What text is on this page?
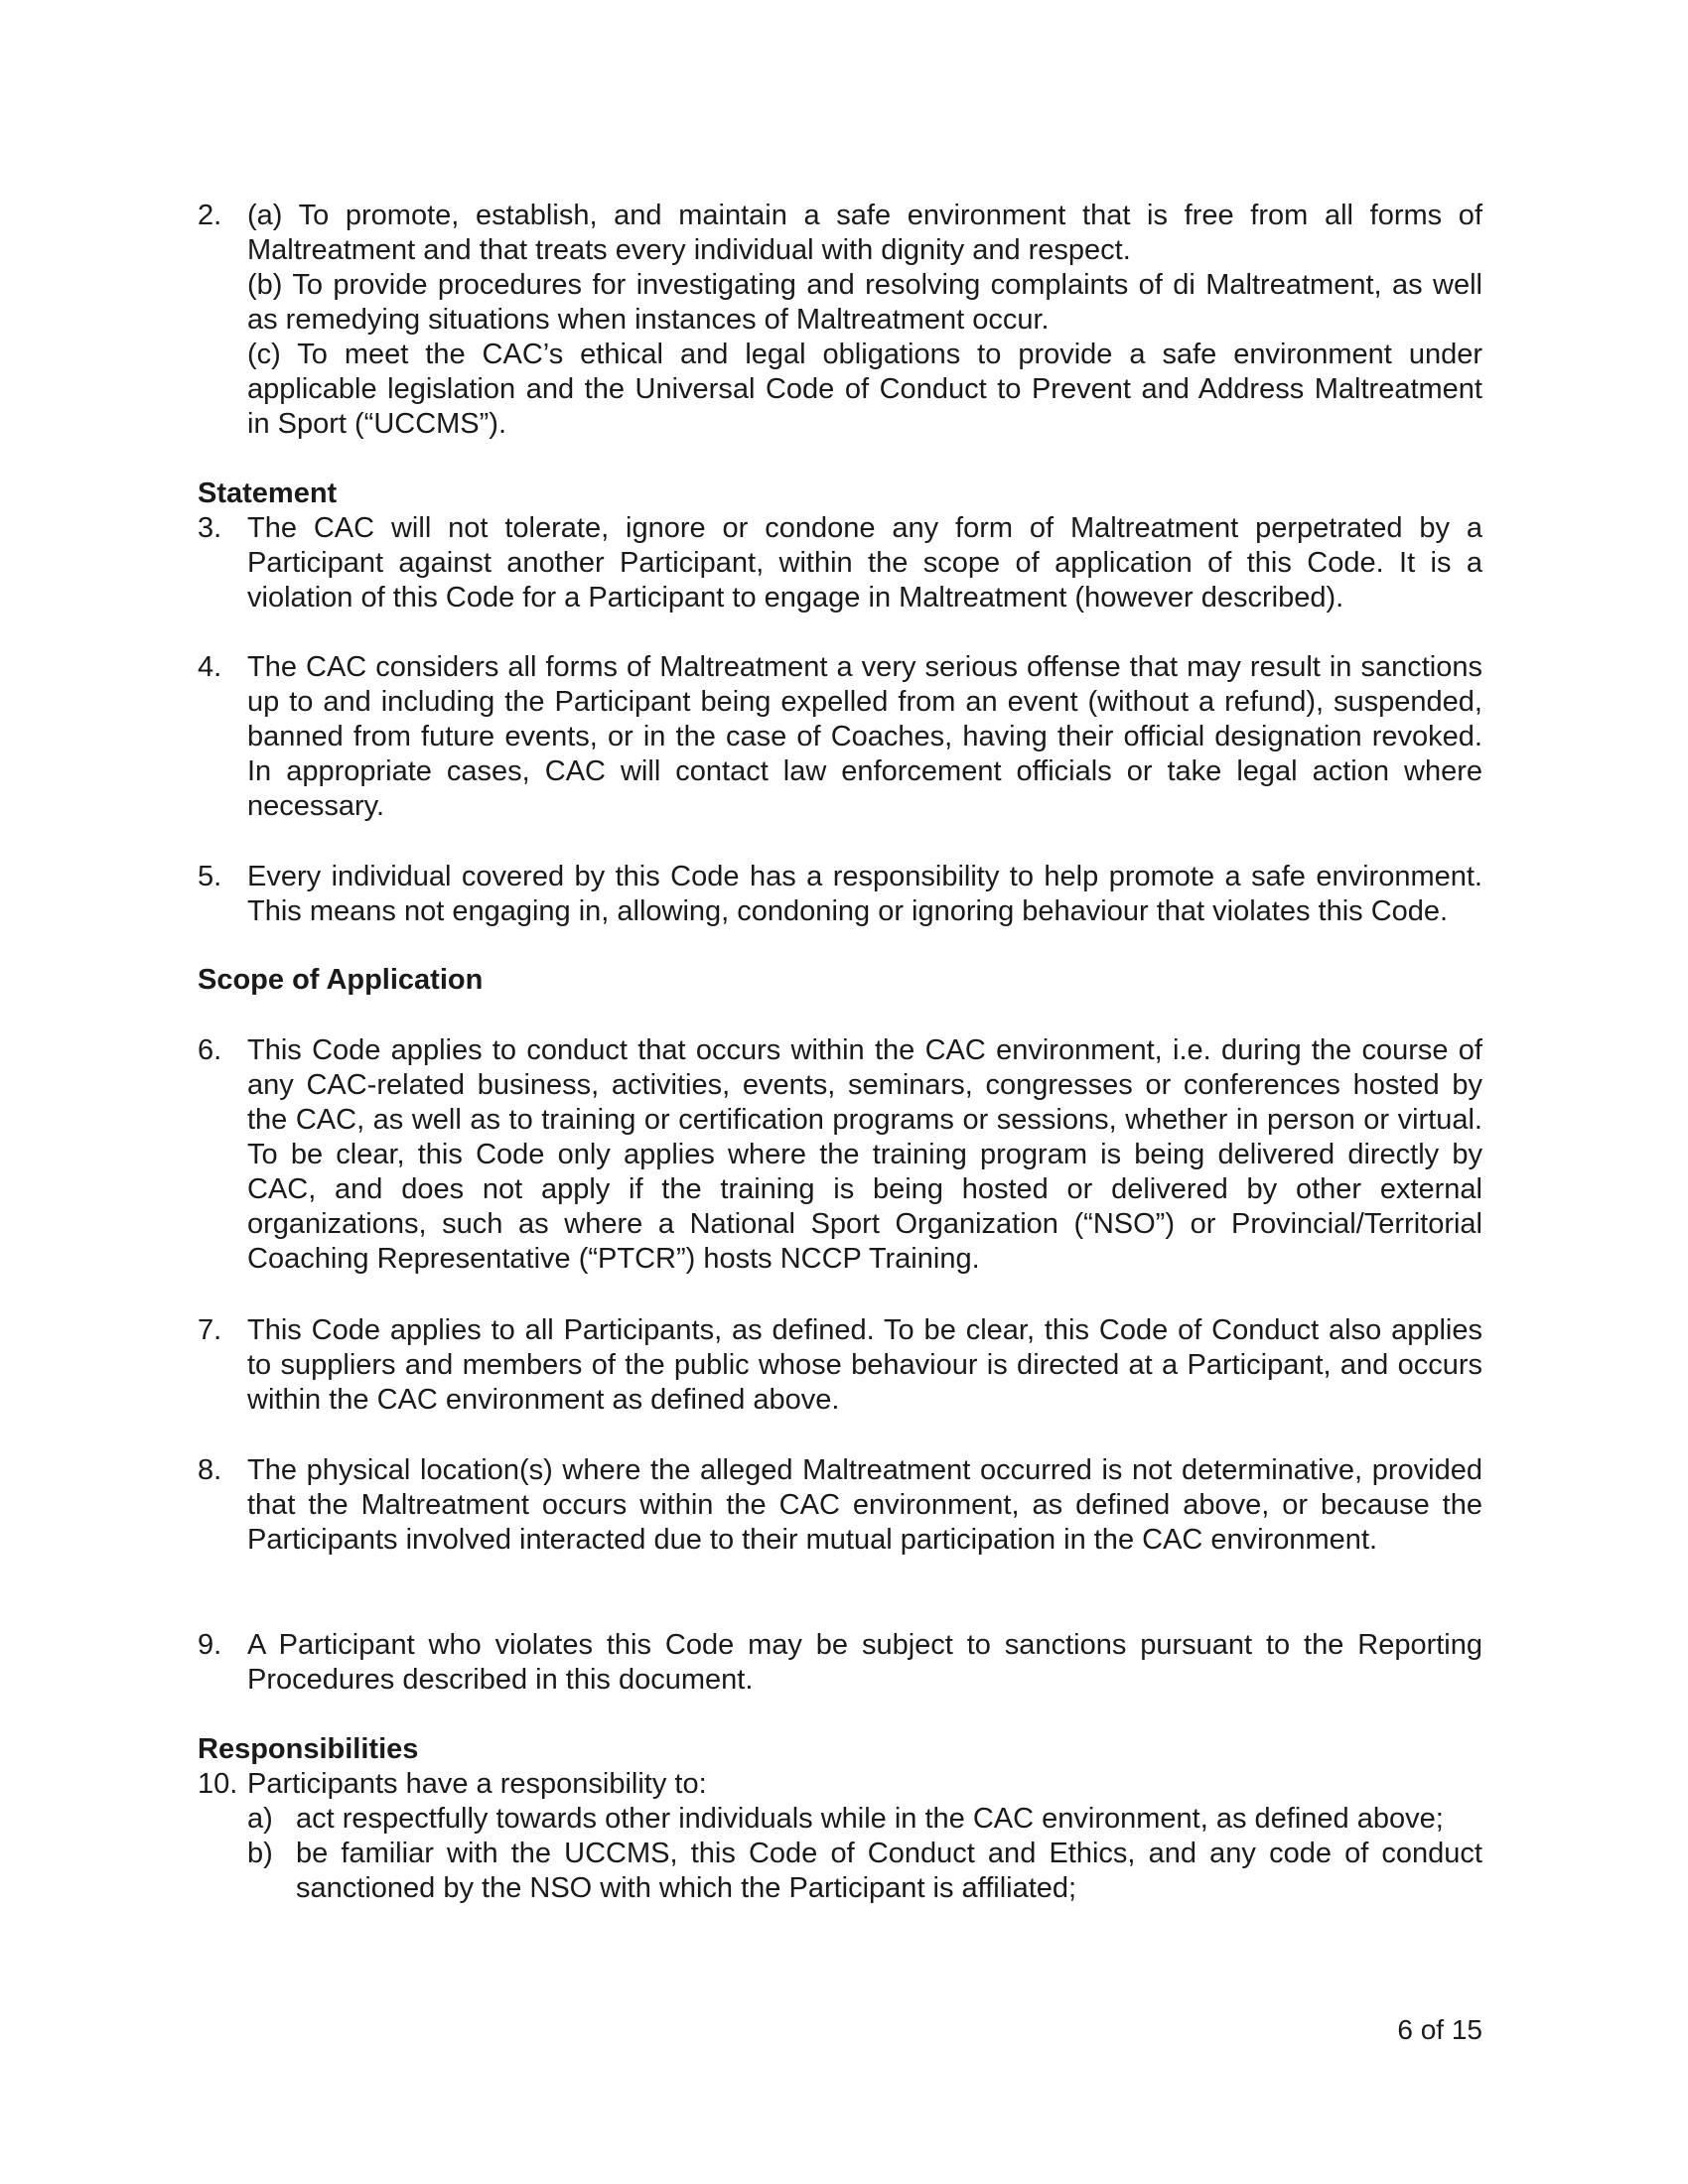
2. (a) To promote, establish, and maintain a safe environment that is free from all forms of Maltreatment and that treats every individual with dignity and respect.

(b) To provide procedures for investigating and resolving complaints of di Maltreatment, as well as remedying situations when instances of Maltreatment occur.

(c) To meet the CAC’s ethical and legal obligations to provide a safe environment under applicable legislation and the Universal Code of Conduct to Prevent and Address Maltreatment in Sport (“UCCMS”).

Statement
3. The CAC will not tolerate, ignore or condone any form of Maltreatment perpetrated by a Participant against another Participant, within the scope of application of this Code. It is a violation of this Code for a Participant to engage in Maltreatment (however described).

4. The CAC considers all forms of Maltreatment a very serious offense that may result in sanctions up to and including the Participant being expelled from an event (without a refund), suspended, banned from future events, or in the case of Coaches, having their official designation revoked. In appropriate cases, CAC will contact law enforcement officials or take legal action where necessary.

5. Every individual covered by this Code has a responsibility to help promote a safe environment. This means not engaging in, allowing, condoning or ignoring behaviour that violates this Code.

Scope of Application
6. This Code applies to conduct that occurs within the CAC environment, i.e. during the course of any CAC-related business, activities, events, seminars, congresses or conferences hosted by the CAC, as well as to training or certification programs or sessions, whether in person or virtual. To be clear, this Code only applies where the training program is being delivered directly by CAC, and does not apply if the training is being hosted or delivered by other external organizations, such as where a National Sport Organization (“NSO”) or Provincial/Territorial Coaching Representative (“PTCR”) hosts NCCP Training.

7. This Code applies to all Participants, as defined. To be clear, this Code of Conduct also applies to suppliers and members of the public whose behaviour is directed at a Participant, and occurs within the CAC environment as defined above.

8. The physical location(s) where the alleged Maltreatment occurred is not determinative, provided that the Maltreatment occurs within the CAC environment, as defined above, or because the Participants involved interacted due to their mutual participation in the CAC environment.

9. A Participant who violates this Code may be subject to sanctions pursuant to the Reporting Procedures described in this document.

Responsibilities
10. Participants have a responsibility to:

a) act respectfully towards other individuals while in the CAC environment, as defined above;
b) be familiar with the UCCMS, this Code of Conduct and Ethics, and any code of conduct sanctioned by the NSO with which the Participant is affiliated;
6 of 15
